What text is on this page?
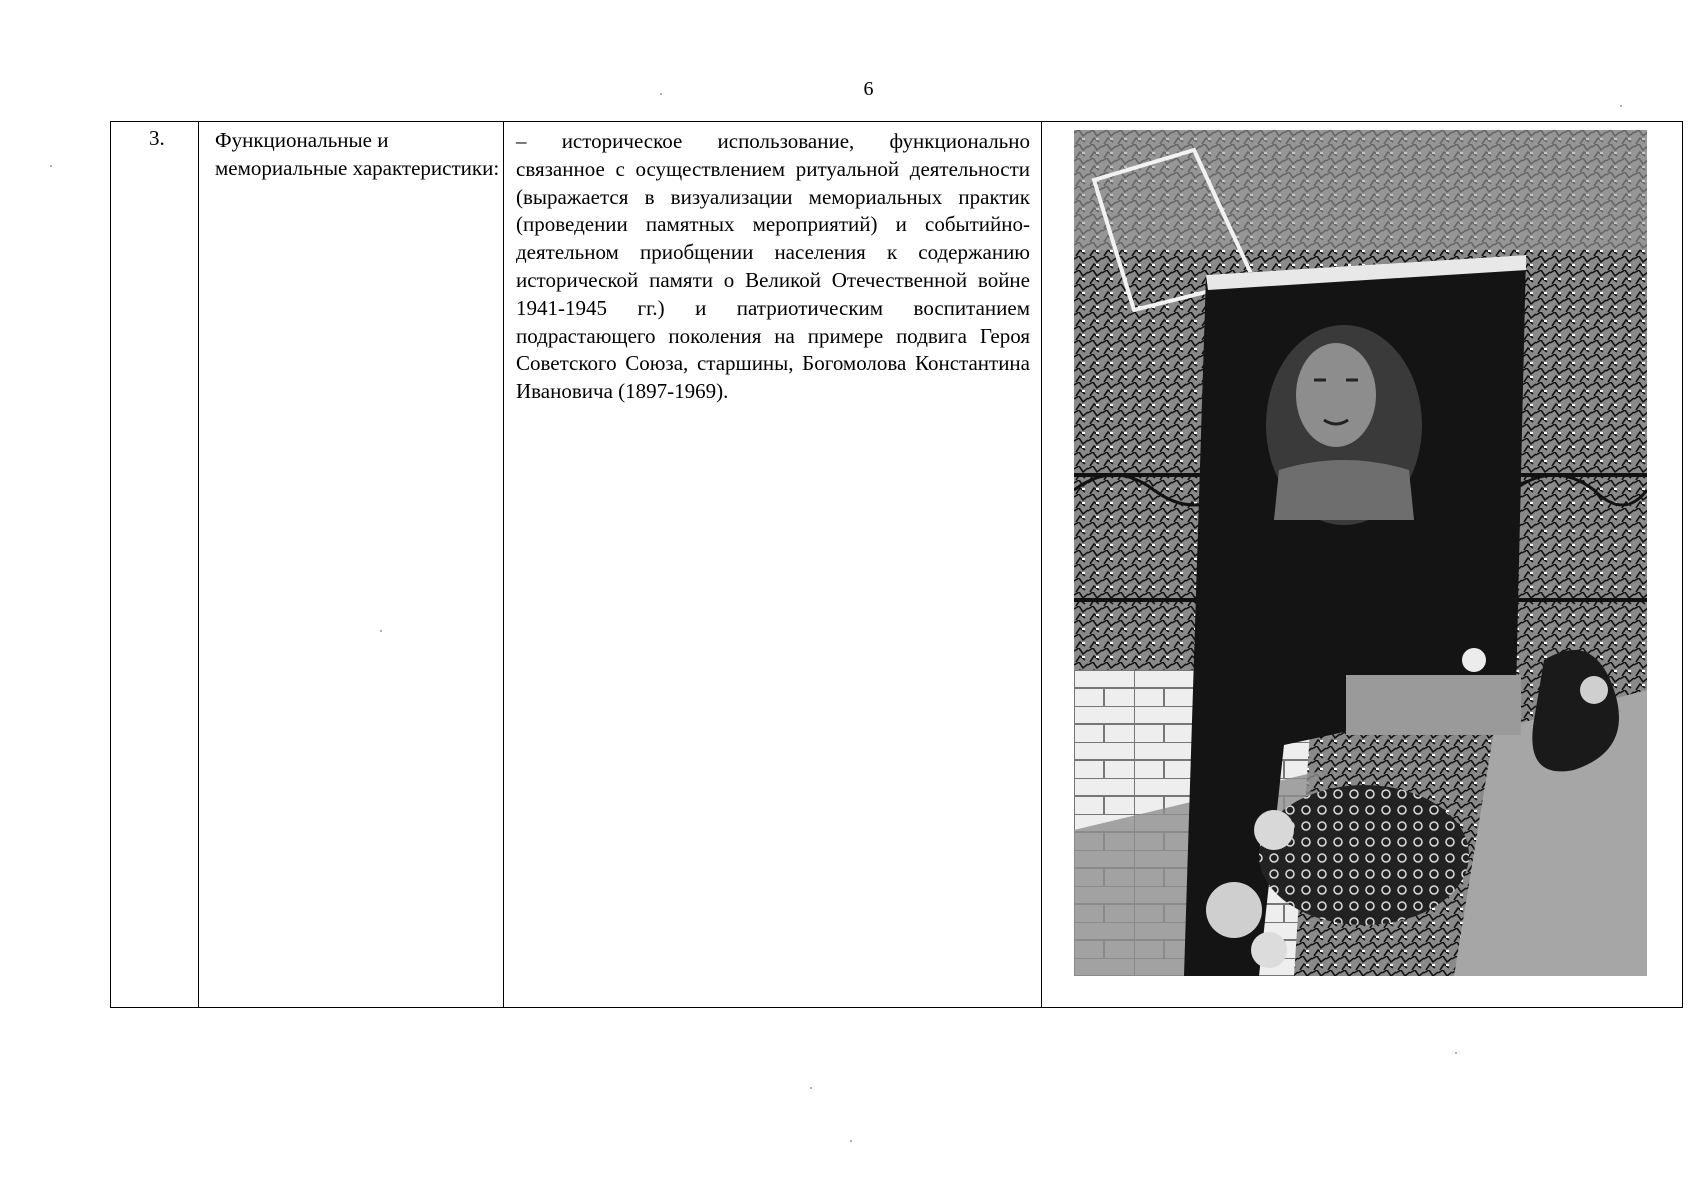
6
3. Функциональные и мемориальные характеристики:
– историческое использование, функционально связанное с осуществлением ритуальной деятельности (выражается в визуализации мемориальных практик (проведении памятных мероприятий) и событийно-деятельном приобщении населения к содержанию исторической памяти о Великой Отечественной войне 1941-1945 гг.) и патриотическим воспитанием подрастающего поколения на примере подвига Героя Советского Союза, старшины, Богомолова Константина Ивановича (1897-1969).
